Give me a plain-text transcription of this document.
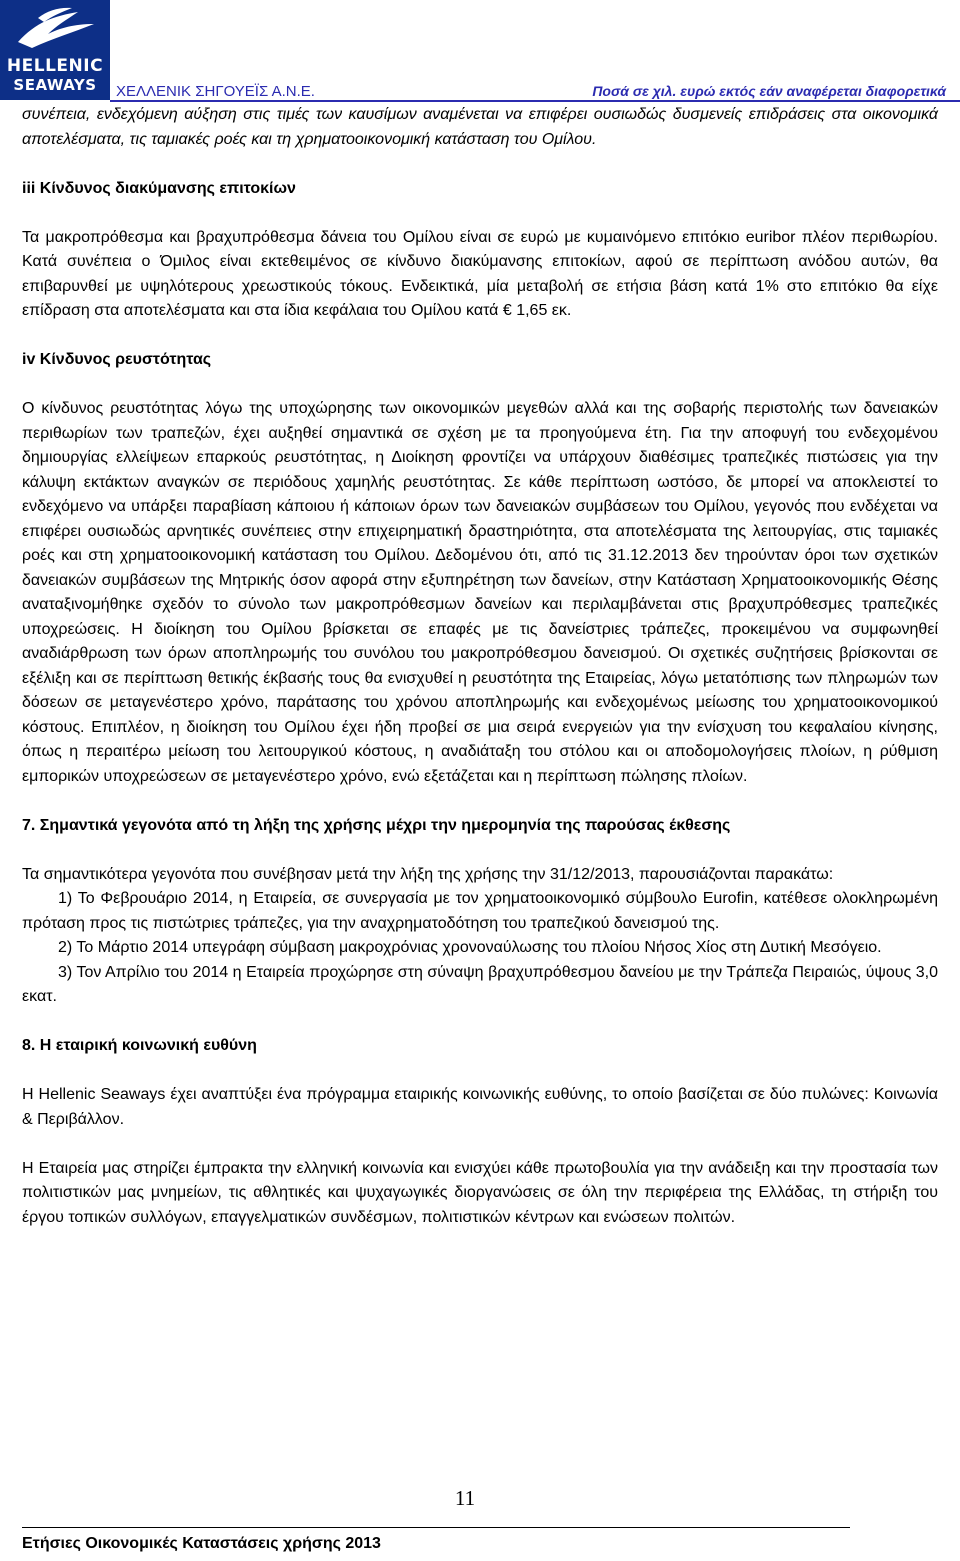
HELLENIC
SEAWAYS	ΧΕΛΛΕΝΙΚ ΣΗΓΟΥΕΪΣ Α.Ν.Ε.	Ποσά σε χιλ. ευρώ εκτός εάν αναφέρεται διαφορετικά

συνέπεια, ενδεχόμενη αύξηση στις τιμές των καυσίμων αναμένεται να επιφέρει ουσιωδώς δυσμενείς επιδράσεις στα οικονομικά αποτελέσματα, τις ταμιακές ροές και τη χρηματοοικονομική κατάσταση του Ομίλου.

iii Κίνδυνος διακύμανσης επιτοκίων

Τα μακροπρόθεσμα και βραχυπρόθεσμα δάνεια του Ομίλου είναι σε ευρώ με κυμαινόμενο επιτόκιο euribor πλέον περιθωρίου. Κατά συνέπεια ο Όμιλος είναι εκτεθειμένος σε κίνδυνο διακύμανσης επιτοκίων, αφού σε περίπτωση ανόδου αυτών, θα επιβαρυνθεί με υψηλότερους χρεωστικούς τόκους. Ενδεικτικά, μία μεταβολή σε ετήσια βάση κατά 1% στο επιτόκιο θα είχε επίδραση στα αποτελέσματα και στα ίδια κεφάλαια του Ομίλου κατά € 1,65 εκ.

iv Κίνδυνος ρευστότητας

Ο κίνδυνος ρευστότητας λόγω της υποχώρησης των οικονομικών μεγεθών αλλά και της σοβαρής περιστολής των δανειακών περιθωρίων των τραπεζών, έχει αυξηθεί σημαντικά σε σχέση με τα προηγούμενα έτη. Για την αποφυγή του ενδεχομένου δημιουργίας ελλείψεων επαρκούς ρευστότητας, η Διοίκηση φροντίζει να υπάρχουν διαθέσιμες τραπεζικές πιστώσεις για την κάλυψη εκτάκτων αναγκών σε περιόδους χαμηλής ρευστότητας. Σε κάθε περίπτωση ωστόσο, δε μπορεί να αποκλειστεί το ενδεχόμενο να υπάρξει παραβίαση κάποιου ή κάποιων όρων των δανειακών συμβάσεων του Ομίλου, γεγονός που ενδέχεται να επιφέρει ουσιωδώς αρνητικές συνέπειες στην επιχειρηματική δραστηριότητα, στα αποτελέσματα της λειτουργίας, στις ταμιακές ροές και στη χρηματοοικονομική κατάσταση του Ομίλου. Δεδομένου ότι, από τις 31.12.2013 δεν τηρούνταν όροι των σχετικών δανειακών συμβάσεων της Μητρικής όσον αφορά στην εξυπηρέτηση των δανείων, στην Κατάσταση Χρηματοοικονομικής Θέσης αναταξινομήθηκε σχεδόν το σύνολο των μακροπρόθεσμων δανείων και περιλαμβάνεται στις βραχυπρόθεσμες τραπεζικές υποχρεώσεις. Η διοίκηση του Ομίλου βρίσκεται σε επαφές με τις δανείστριες τράπεζες, προκειμένου να συμφωνηθεί αναδιάρθρωση των όρων αποπληρωμής του συνόλου του μακροπρόθεσμου δανεισμού. Οι σχετικές συζητήσεις βρίσκονται σε εξέλιξη και σε περίπτωση θετικής έκβασής τους θα ενισχυθεί η ρευστότητα της Εταιρείας, λόγω μετατόπισης των πληρωμών των δόσεων σε μεταγενέστερο χρόνο, παράτασης του χρόνου αποπληρωμής και ενδεχομένως μείωσης του χρηματοοικονομικού κόστους. Επιπλέον, η διοίκηση του Ομίλου έχει ήδη προβεί σε μια σειρά ενεργειών για την ενίσχυση του κεφαλαίου κίνησης, όπως η περαιτέρω μείωση του λειτουργικού κόστους, η αναδιάταξη του στόλου και οι αποδομολογήσεις πλοίων, η ρύθμιση εμπορικών υποχρεώσεων σε μεταγενέστερο χρόνο, ενώ εξετάζεται και η περίπτωση πώλησης πλοίων.

7. Σημαντικά γεγονότα από τη λήξη της χρήσης μέχρι την ημερομηνία της παρούσας έκθεσης

Τα σημαντικότερα γεγονότα που συνέβησαν μετά την λήξη της χρήσης την 31/12/2013, παρουσιάζονται παρακάτω:

1) Το Φεβρουάριο 2014, η Εταιρεία, σε συνεργασία με τον χρηματοοικονομικό σύμβουλο Eurofin, κατέθεσε ολοκληρωμένη πρόταση προς τις πιστώτριες τράπεζες, για την αναχρηματοδότηση του τραπεζικού δανεισμού της.

2) Το Μάρτιο 2014 υπεγράφη σύμβαση μακροχρόνιας χρονοναύλωσης του πλοίου Νήσος Χίος στη Δυτική Μεσόγειο.

3) Τον Απρίλιο του 2014 η Εταιρεία προχώρησε στη σύναψη βραχυπρόθεσμου δανείου με την Τράπεζα Πειραιώς, ύψους 3,0 εκατ.

8. Η εταιρική κοινωνική ευθύνη

Η Hellenic Seaways έχει αναπτύξει ένα πρόγραμμα εταιρικής κοινωνικής ευθύνης, το οποίο βασίζεται σε δύο πυλώνες: Κοινωνία & Περιβάλλον.

Η Εταιρεία μας στηρίζει έμπρακτα την ελληνική κοινωνία και ενισχύει κάθε πρωτοβουλία για την ανάδειξη και την προστασία των πολιτιστικών μας μνημείων, τις αθλητικές και ψυχαγωγικές διοργανώσεις σε όλη την περιφέρεια της Ελλάδας, τη στήριξη του έργου τοπικών συλλόγων, επαγγελματικών συνδέσμων, πολιτιστικών κέντρων και ενώσεων πολιτών.

11
Ετήσιες Οικονομικές Καταστάσεις χρήσης 2013
